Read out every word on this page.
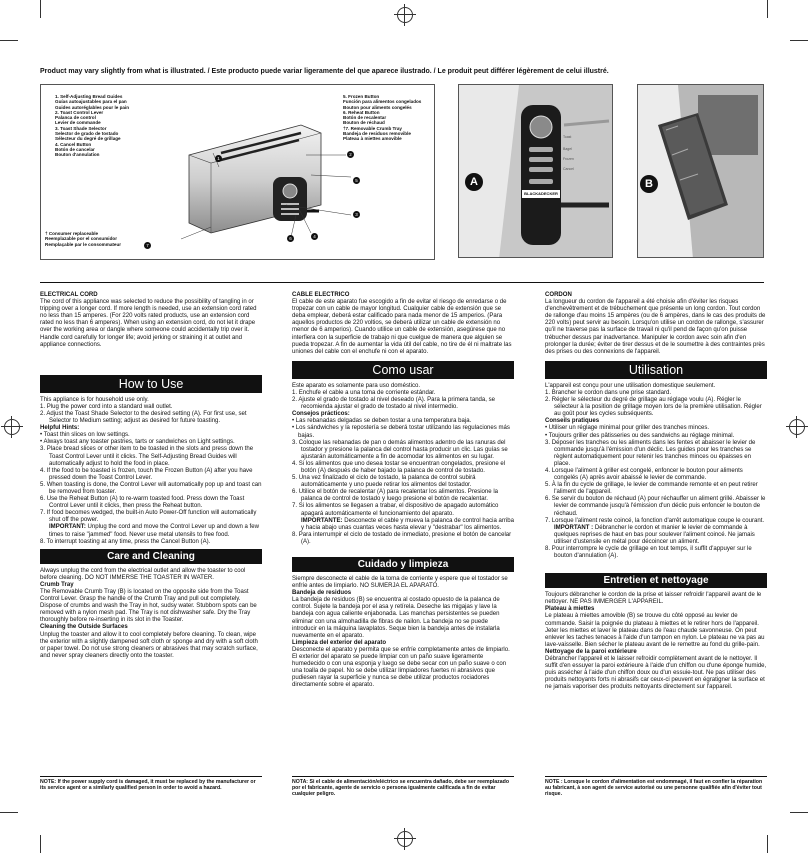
Product may vary slightly from what is illustrated. / Este producto puede variar ligeramente del que aparece ilustrado. / Le produit peut différer légèrement de celui illustré.
1. Self-Adjusting Bread Guides
Guías autoajustables para el pan
Guides autoréglables pour le pain
2. Toast Control Lever
Palanca de control
Levier de commande
3. Toast Shade Selector
Selector de grado de tostado
Sélecteur du degré de grillage
4. Cancel Button
Botón de cancelar
Bouton d'annulation
5. Frozen Button
Función para alimentos congelados
Bouton pour aliments congelés
6. Reheat Button
Botón de recalentar
Bouton de réchaud
†7. Removable Crumb Tray
Bandeja de residuos removible
Plateau à miettes amovible
† Consumer replaceable
Reemplazable por el consumidor
Remplaçable par le consommateur
1
2
3
4
5
6
7
BLACK&DECKER
Toast
Bagel
Frozen
Cancel
A	B

ELECTRICAL CORD

The cord of this appliance was selected to reduce the possibility of tangling in or tripping over a longer cord. If more length is needed, use an extension cord rated no less than 15 amperes. (For 220 volts rated products, use an extension cord rated no less than 6 amperes). When using an extension cord, do not let it drape over the working area or dangle where someone could accidentally trip over it. Handle cord carefully for longer life; avoid jerking or straining it at outlet and appliance connections.

How to Use

This appliance is for household use only.

1. Plug the power cord into a standard wall outlet.

2. Adjust the Toast Shade Selector to the desired setting (A). For first use, set Selector to Medium setting; adjust as desired for future toasting.

Helpful Hints:

• Toast thin slices on low settings.

• Always toast any toaster pastries, tarts or sandwiches on Light settings.

3. Place bread slices or other item to be toasted in the slots and press down the Toast Control Lever until it clicks. The Self-Adjusting Bread Guides will automatically adjust to hold the food in place.

4. If the food to be toasted is frozen, touch the Frozen Button (A) after you have pressed down the Toast Control Lever.

5. When toasting is done, the Control Lever will automatically pop up and toast can be removed from toaster.

6. Use the Reheat Button (A) to re-warm toasted food. Press down the Toast Control Lever until it clicks, then press the Reheat button.

7. If food becomes wedged, the built-in Auto Power-Off function will automatically shut off the power.

IMPORTANT: Unplug the cord and move the Control Lever up and down a few times to raise "jammed" food. Never use metal utensils to free food.

8. To interrupt toasting at any time, press the Cancel Button (A).

Care and Cleaning

Always unplug the cord from the electrical outlet and allow the toaster to cool before cleaning. DO NOT IMMERSE THE TOASTER IN WATER.

Crumb Tray

The Removable Crumb Tray (B) is located on the opposite side from the Toast Control Lever. Grasp the handle of the Crumb Tray and pull out completely. Dispose of crumbs and wash the Tray in hot, sudsy water. Stubborn spots can be removed with a nylon mesh pad. The Tray is not dishwasher safe. Dry the Tray thoroughly before re-inserting in its slot in the Toaster.

Cleaning the Outside Surfaces

Unplug the toaster and allow it to cool completely before cleaning. To clean, wipe the exterior with a slightly dampened soft cloth or sponge and dry with a soft cloth or paper towel. Do not use strong cleaners or abrasives that may scratch surface, and never spray cleaners directly onto the toaster.

NOTE: If the power supply cord is damaged, it must be replaced by the manufacturer or its service agent or a similarly qualified person in order to avoid a hazard.

CABLE ELECTRICO

El cable de este aparato fue escogido a fin de evitar el riesgo de enredarse o de tropezar con un cable de mayor longitud. Cualquier cable de extensión que se deba emplear, deberá estar calificado para nada menor de 15 amperios. (Para aquellos productos de 220 voltios, se deberá utilizar un cable de extensión no menor de 6 amperios). Cuando utilice un cable de extensión, asegúrese que no interfiera con la superficie de trabajo ni que cuelgue de manera que alguien se pueda tropezar. A fin de aumentar la vida útil del cable, no tire de él ni maltrate las uniones del cable con el enchufe ni con el aparato.

Como usar

Este aparato es solamente para uso doméstico.

1. Enchufe el cable a una toma de corriente estándar.

2. Ajuste el grado de tostado al nivel deseado (A). Para la primera tanda, se recomienda ajustar el grado de tostado al nivel intermedio.

Consejos prácticos:

• Las rebanadas delgadas se deben tostar a una temperatura baja.

• Los sándwiches y la repostería se deberá tostar utilizando las regulaciones más bajas.

3. Coloque las rebanadas de pan o demás alimentos adentro de las ranuras del tostador y presione la palanca del control hasta producir un clic. Las guías se ajustarán automáticamente a fin de acomodar los alimentos en su lugar.

4. Si los alimentos que uno desea tostar se encuentran congelados, presione el botón (A) después de haber bajado la palanca de control de tostado.

5. Una vez finalizado el ciclo de tostado, la palanca de control subirá automáticamente y uno puede retirar los alimentos del tostador.

6. Utilice el botón de recalentar (A) para recalentar los alimentos. Presione la palanca de control de tostado y luego presione el botón de recalentar.

7. Si los alimentos se llegasen a trabar, el dispositivo de apagado automático apagará automáticamente el funcionamiento del aparato.

IMPORTANTE: Desconecte el cable y mueva la palanca de control hacia arriba y hacia abajo unas cuantas veces hasta elevar y "destrabar" los alimentos.

8. Para interrumpir el ciclo de tostado de inmediato, presione el botón de cancelar (A).

Cuidado y limpieza

Siempre desconecte el cable de la toma de corriente y espere que el tostador se enfríe antes de limpiarlo. NO SUMERJA EL APARATO.

Bandeja de residuos

La bandeja de residuos (B) se encuentra al costado opuesto de la palanca de control. Sujete la bandeja por el asa y retírela. Deseche las migajas y lave la bandeja con agua caliente enjabonada. Las manchas persistentes se pueden eliminar con una almohadilla de fibras de nailon. La bandeja no se puede introducir en la máquina lavaplatos. Seque bien la bandeja antes de instalarla nuevamente en el aparato.

Limpieza del exterior del aparato

Desconecte el aparato y permita que se enfríe completamente antes de limpiarlo. El exterior del aparato se puede limpiar con un paño suave ligeramente humedecido o con una esponja y luego se debe secar con un paño suave o con una toalla de papel. No se debe utilizar limpiadores fuertes ni abrasivos que pudiesen rayar la superficie y nunca se debe utilizar productos rociadores directamente sobre el aparato.

NOTA: Si el cable de alimentación/eléctrico se encuentra dañado, debe ser reemplazado por el fabricante, agente de servicio o persona igualmente calificada a fin de evitar cualquier peligro.

CORDON

La longueur du cordon de l'appareil a été choisie afin d'éviter les risques d'enchevêtrement et de trébuchement que présente un long cordon. Tout cordon de rallonge d'au moins 15 ampères (ou de 6 ampères, dans le cas des produits de 220 volts) peut servir au besoin. Lorsqu'on utilise un cordon de rallonge, s'assurer qu'il ne traverse pas la surface de travail ni qu'il pend de façon qu'on puisse trébucher dessus par inadvertance. Manipuler le cordon avec soin afin d'en prolonger la durée; éviter de tirer dessus et de le soumettre à des contraintes près des prises ou des connexions de l'appareil.

Utilisation

L'appareil est conçu pour une utilisation domestique seulement.

1. Brancher le cordon dans une prise standard.

2. Régler le sélecteur du degré de grillage au réglage voulu (A). Régler le sélecteur à la position de grillage moyen lors de la première utilisation. Régler au goût pour les cycles subséquents.

Conseils pratiques

• Utiliser un réglage minimal pour griller des tranches minces.

• Toujours griller des pâtisseries ou des sandwichs au réglage minimal.

3. Déposer les tranches ou les aliments dans les fentes et abaisser le levier de commande jusqu'à l'émission d'un déclic. Les guides pour les tranches se règlent automatiquement pour retenir les tranches minces ou épaisses en place.

4. Lorsque l'aliment à griller est congelé, enfoncer le bouton pour aliments congelés (A) après avoir abaissé le levier de commande.

5. À la fin du cycle de grillage, le levier de commande remonte et en peut retirer l'aliment de l'appareil.

6. Se servir du bouton de réchaud (A) pour réchauffer un aliment grillé. Abaisser le levier de commande jusqu'à l'émission d'un déclic puis enfoncer le bouton de réchaud.

7. Lorsque l'aliment reste coincé, la fonction d'arrêt automatique coupe le courant.

IMPORTANT : Débrancher le cordon et manier le levier de commande à quelques reprises de haut en bas pour soulever l'aliment coincé. Ne jamais utiliser d'ustensile en métal pour décoincer un aliment.

8. Pour interrompre le cycle de grillage en tout temps, il suffit d'appuyer sur le bouton d'annulation (A).

Entretien et nettoyage

Toujours débrancher le cordon de la prise et laisser refroidir l'appareil avant de le nettoyer. NE PAS IMMERGER L'APPAREIL.

Plateau à miettes

Le plateau à miettes amovible (B) se trouve du côté opposé au levier de commande. Saisir la poignée du plateau à miettes et le retirer hors de l'appareil. Jeter les miettes et laver le plateau dans de l'eau chaude savonneuse. On peut enlever les taches tenaces à l'aide d'un tampon en nylon. Le plateau ne va pas au lave-vaisselle. Bien sécher le plateau avant de le remettre au fond du grille-pain.

Nettoyage de la paroi extérieure

Débrancher l'appareil et le laisser refroidir complètement avant de le nettoyer. Il suffit d'en essuyer la paroi extérieure à l'aide d'un chiffon ou d'une éponge humide, puis assécher à l'aide d'un chiffon doux ou d'un essuie-tout. Ne pas utiliser des produits nettoyants forts ni abrasifs car ceux-ci peuvent en égratigner la surface et ne jamais vaporiser des produits nettoyants directement sur l'appareil.

NOTE : Lorsque le cordon d'alimentation est endommagé, il faut en confier la réparation au fabricant, à son agent de service autorisé ou une personne qualifiée afin d'éviter tout risque.
